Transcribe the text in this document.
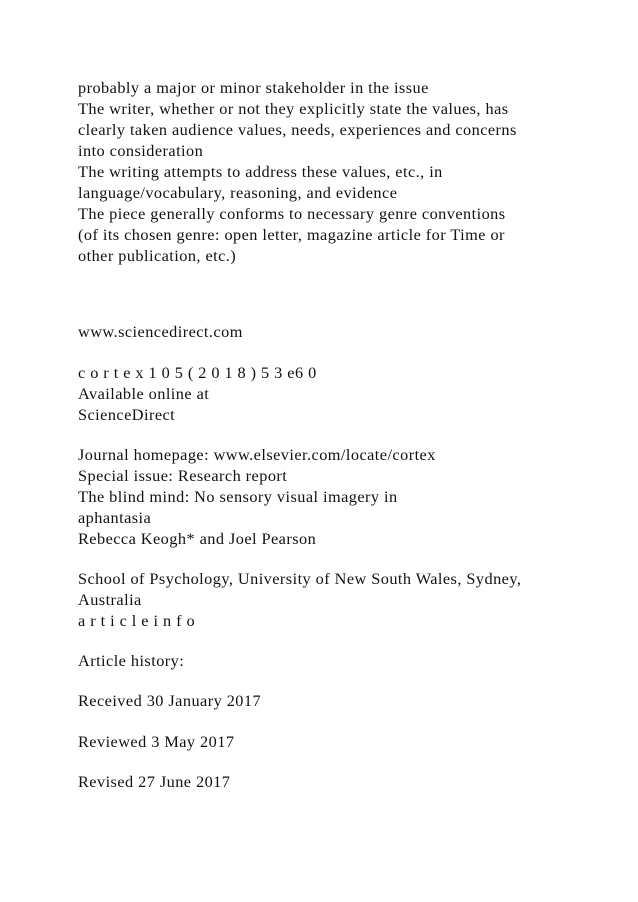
probably a major or minor stakeholder in the issue
The writer, whether or not they explicitly state the values, has
clearly taken audience values, needs, experiences and concerns
into consideration
The writing attempts to address these values, etc., in
language/vocabulary, reasoning, and evidence
The piece generally conforms to necessary genre conventions
(of its chosen genre: open letter, magazine article for Time or
other publication, etc.)
www.sciencedirect.com
c o r t e x 1 0 5 ( 2 0 1 8 ) 5 3 e6 0
Available online at
ScienceDirect
Journal homepage: www.elsevier.com/locate/cortex
Special issue: Research report
The blind mind: No sensory visual imagery in
aphantasia
Rebecca Keogh* and Joel Pearson
School of Psychology, University of New South Wales, Sydney,
Australia
a r t i c l e i n f o
Article history:
Received 30 January 2017
Reviewed 3 May 2017
Revised 27 June 2017
